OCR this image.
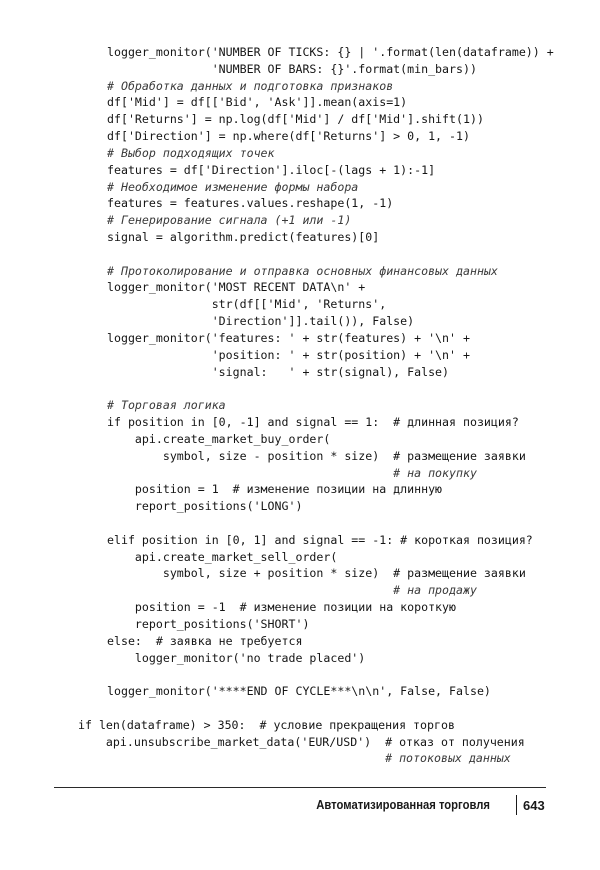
logger_monitor('NUMBER OF TICKS: {} | '.format(len(dataframe)) +
'NUMBER OF BARS: {}'.format(min_bars))
# Обработка данных и подготовка признаков
df['Mid'] = df[['Bid', 'Ask']].mean(axis=1)
df['Returns'] = np.log(df['Mid'] / df['Mid'].shift(1))
df['Direction'] = np.where(df['Returns'] > 0, 1, -1)
# Выбор подходящих точек
features = df['Direction'].iloc[-(lags + 1):-1]
# Необходимое изменение формы набора
features = features.values.reshape(1, -1)
# Генерирование сигнала (+1 или -1)
signal = algorithm.predict(features)[0]
# Протоколирование и отправка основных финансовых данных
logger_monitor('MOST RECENT DATA\n' +
str(df[['Mid', 'Returns',
'Direction']].tail()), False)
logger_monitor('features: ' + str(features) + '\n' +
'position: ' + str(position) + '\n' +
'signal:   ' + str(signal), False)
# Торговая логика
if position in [0, -1] and signal == 1:  # длинная позиция?
api.create_market_buy_order(
symbol, size - position * size)  # размещение заявки
# на покупку
position = 1  # изменение позиции на длинную
report_positions('LONG')
elif position in [0, 1] and signal == -1: # короткая позиция?
api.create_market_sell_order(
symbol, size + position * size)  # размещение заявки
# на продажу
position = -1  # изменение позиции на короткую
report_positions('SHORT')
else:  # заявка не требуется
logger_monitor('no trade placed')
logger_monitor('****END OF CYCLE***\n\n', False, False)
if len(dataframe) > 350:  # условие прекращения торгов
api.unsubscribe_market_data('EUR/USD')  # отказ от получения
# потоковых данных
Автоматизированная торговля	643
